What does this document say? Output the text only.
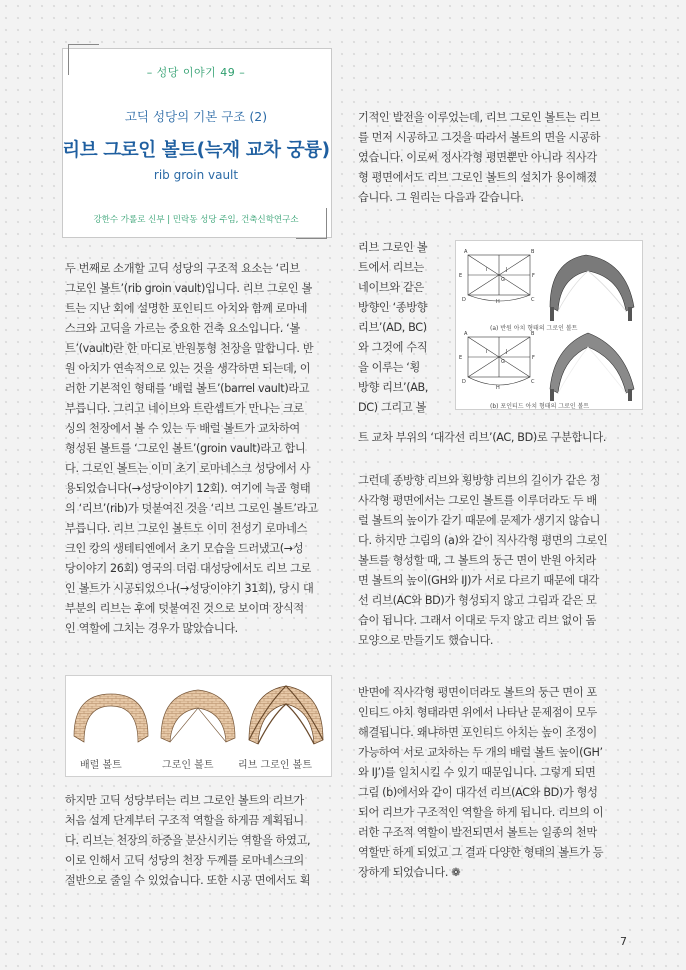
– 성당 이야기 49 –
고딕 성당의 기본 구조 (2)
리브 그로인 볼트(늑재 교차 궁륭)
rib groin vault
강한수 가롤로 신부 | 민락동 성당 주임, 건축신학연구소
두 번째로 소개할 고딕 성당의 구조적 요소는 ‘리브
그로인 볼트’(rib groin vault)입니다. 리브 그로인 볼
트는 지난 회에 설명한 포인티드 아치와 함께 로마네
스크와 고딕을 가르는 중요한 건축 요소입니다. ‘볼
트’(vault)란 한 마디로 반원통형 천장을 말합니다. 반
원 아치가 연속적으로 있는 것을 생각하면 되는데, 이
러한 기본적인 형태를 ‘배럴 볼트’(barrel vault)라고
부릅니다. 그리고 네이브와 트란셉트가 만나는 크로
싱의 천장에서 볼 수 있는 두 배럴 볼트가 교차하여
형성된 볼트를 ‘그로인 볼트’(groin vault)라고 합니
다. 그로인 볼트는 이미 초기 로마네스크 성당에서 사
용되었습니다(→성당이야기 12회). 여기에 늑골 형태
의 ‘리브’(rib)가 덧붙여진 것을 ‘리브 그로인 볼트’라고
부릅니다. 리브 그로인 볼트도 이미 전성기 로마네스
크인 캉의 생테티엔에서 초기 모습을 드러냈고(→성
당이야기 26회) 영국의 더럼 대성당에서도 리브 그로
인 볼트가 시공되었으나(→성당이야기 31회), 당시 대
부분의 리브는 후에 덧붙여진 것으로 보이며 장식적
인 역할에 그치는 경우가 많았습니다.
배럴 볼트	그로인 볼트 리브 그로인 볼트
하지만 고딕 성당부터는 리브 그로인 볼트의 리브가
처음 설계 단계부터 구조적 역할을 하게끔 계획됩니
다. 리브는 천장의 하중을 분산시키는 역할을 하였고,
이로 인해서 고딕 성당의 천장 두께를 로마네스크의
절반으로 줄일 수 있었습니다. 또한 시공 면에서도 획
기적인 발전을 이루었는데, 리브 그로인 볼트는 리브
를 먼저 시공하고 그것을 따라서 볼트의 면을 시공하
였습니다. 이로써 정사각형 평면뿐만 아니라 직사각
형 평면에서도 리브 그로인 볼트의 설치가 용이해졌
습니다. 그 원리는 다음과 같습니다.
리브 그로인 볼
트에서 리브는
네이브와 같은
방향인 ‘종방향
리브’(AD, BC)
와 그것에 수직
을 이루는 ‘횡
방향 리브’(AB,
DC) 그리고 볼
트 교차 부위의 ‘대각선 리브’(AC, BD)로 구분합니다.
A	B
C
D
E	F
G
H
I	J
A	B
C
D
E	F
G
H
I	J
(a) 반원 아치 형태의 그로인 볼트
(b) 포인티드 아치 형태의 그로인 볼트
그런데 종방향 리브와 횡방향 리브의 길이가 같은 정
사각형 평면에서는 그로인 볼트를 이루더라도 두 배
럴 볼트의 높이가 같기 때문에 문제가 생기지 않습니
다. 하지만 그림의 (a)와 같이 직사각형 평면의 그로인
볼트를 형성할 때, 그 볼트의 둥근 면이 반원 아치라
면 볼트의 높이(GH와 IJ)가 서로 다르기 때문에 대각
선 리브(AC와 BD)가 형성되지 않고 그림과 같은 모
습이 됩니다. 그래서 이대로 두지 않고 리브 없이 돔
모양으로 만들기도 했습니다.
반면에 직사각형 평면이더라도 볼트의 둥근 면이 포
인티드 아치 형태라면 위에서 나타난 문제점이 모두
해결됩니다. 왜냐하면 포인티드 아치는 높이 조정이
가능하여 서로 교차하는 두 개의 배럴 볼트 높이(GH’
와 IJ’)를 일치시킬 수 있기 때문입니다. 그렇게 되면
그림 (b)에서와 같이 대각선 리브(AC와 BD)가 형성
되어 리브가 구조적인 역할을 하게 됩니다. 리브의 이
러한 구조적 역할이 발전되면서 볼트는 일종의 천막
역할만 하게 되었고 그 결과 다양한 형태의 볼트가 등
장하게 되었습니다. ❁
7
